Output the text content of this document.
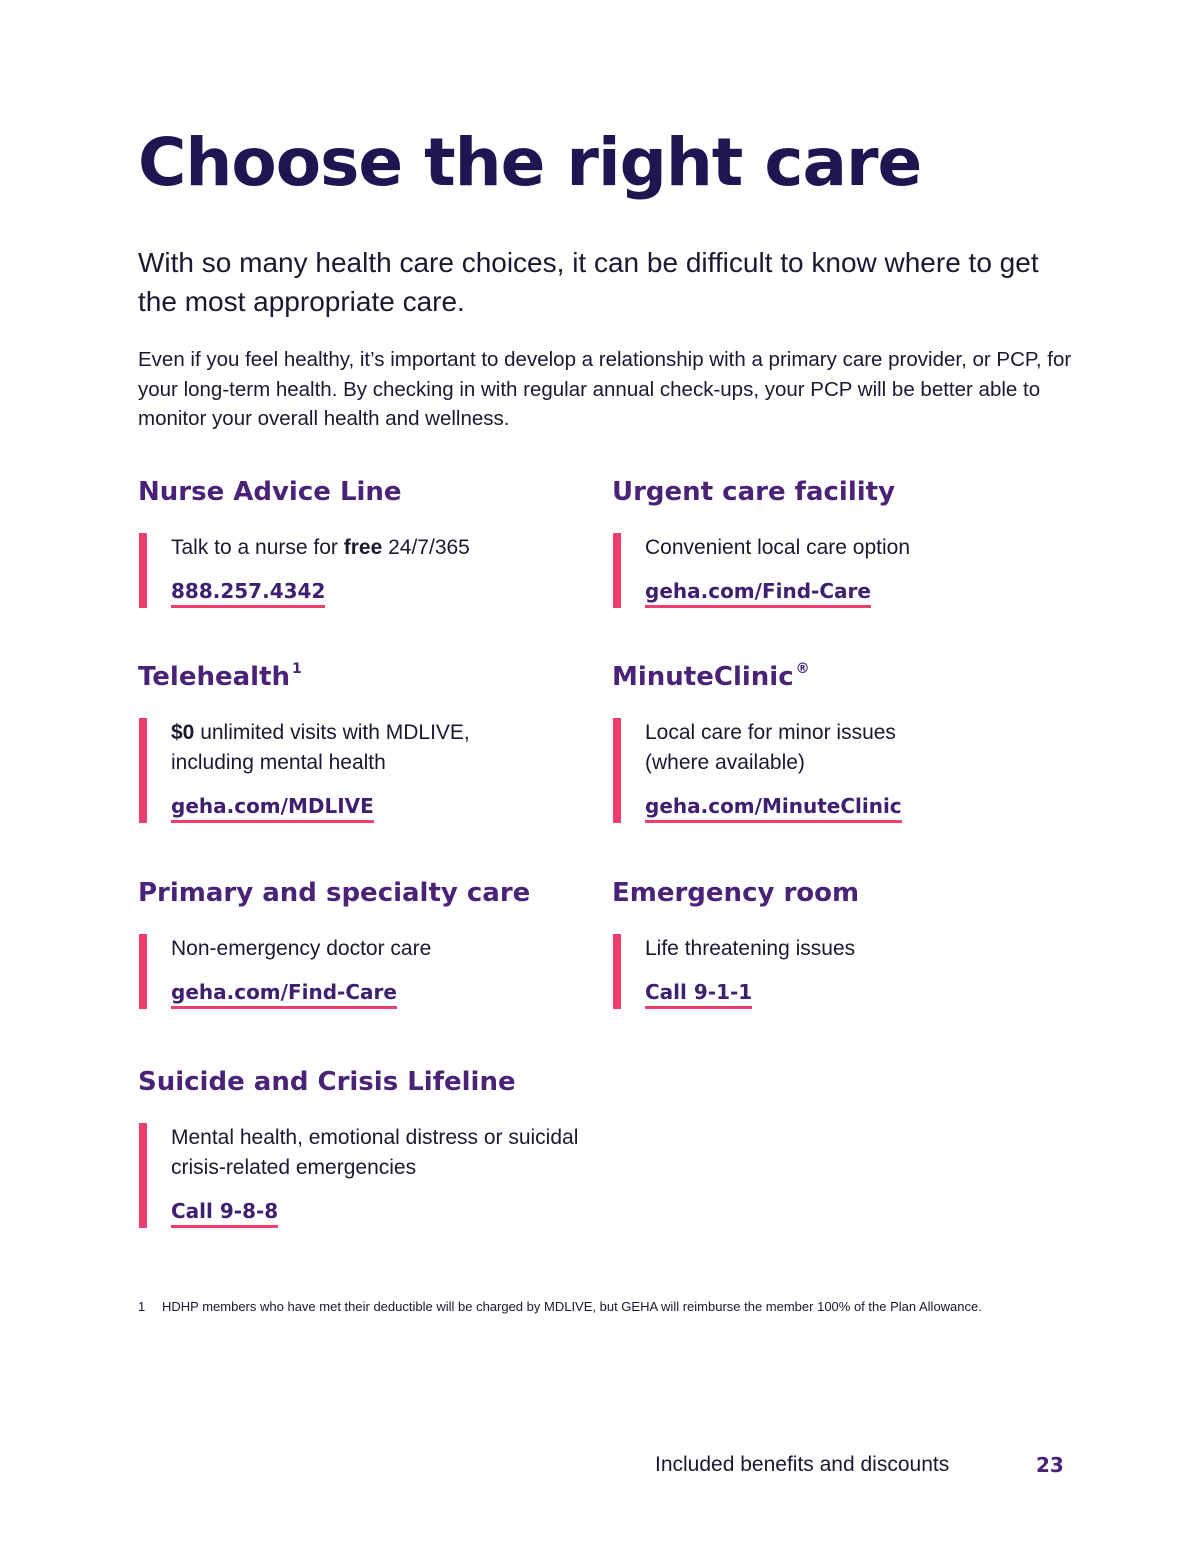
Choose the right care

With so many health care choices, it can be difficult to know where to get the most appropriate care.

Even if you feel healthy, it’s important to develop a relationship with a primary care provider, or PCP, for your long-term health. By checking in with regular annual check-ups, your PCP will be better able to monitor your overall health and wellness.

Nurse Advice Line

Talk to a nurse for free 24/7/365

888.257.4342
Urgent care facility

Convenient local care option

geha.com/Find-Care
Telehealth $^1$

$0 unlimited visits with MDLIVE, including mental health

geha.com/MDLIVE
MinuteClinic ®

Local care for minor issues (where available)

geha.com/MinuteClinic
Primary and specialty care

Non-emergency doctor care

geha.com/Find-Care
Emergency room

Life threatening issues

Call 9-1-1
Suicide and Crisis Lifeline

Mental health, emotional distress or suicidal crisis-related emergencies

Call 9-8-8

1 HDHP members who have met their deductible will be charged by MDLIVE, but GEHA will reimburse the member 100% of the Plan Allowance.

Included benefits and discounts	23
